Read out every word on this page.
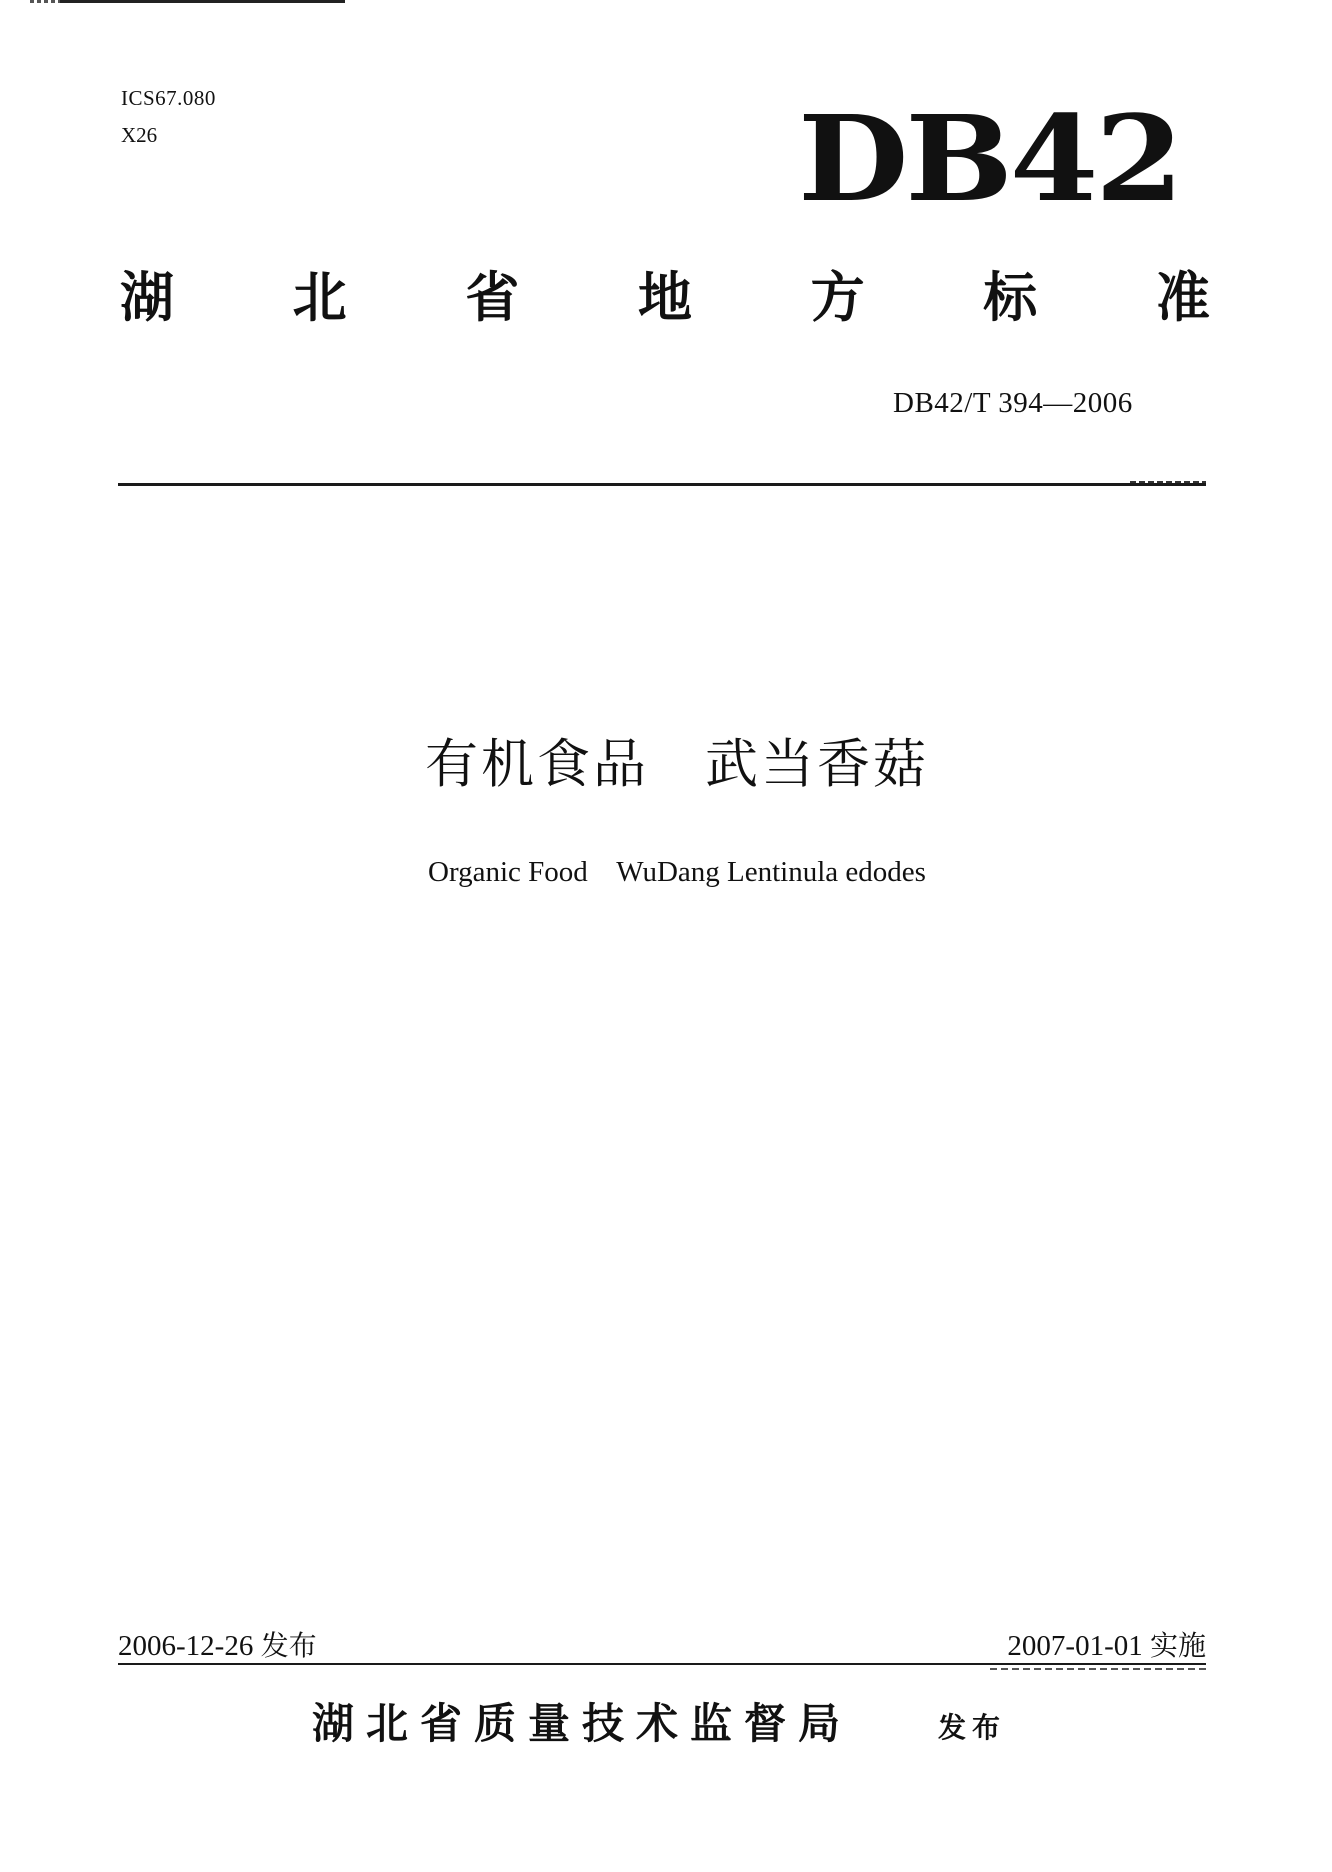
ICS67.080
X26	DB42
湖 北 省 地 方 标 准
DB42/T 394—2006
有机食品　武当香菇
Organic Food    WuDang Lentinula edodes
2006-12-26 发布	2007-01-01 实施
湖北省质量技术监督局	发布
